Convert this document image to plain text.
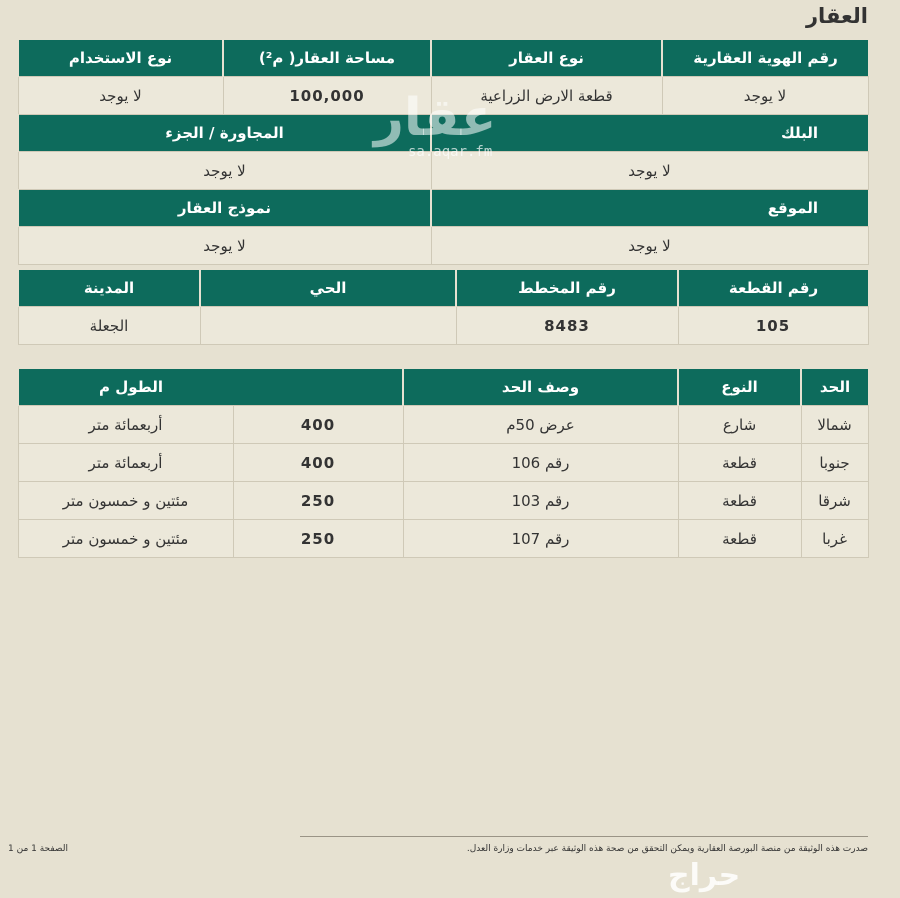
العقار
رقم الهوية العقارية	نوع العقار	مساحة العقار( م²)	نوع الاستخدام
لا يوجد	قطعة الارض الزراعية	100,000	لا يوجد
البلك		المجاورة / الجزء	
لا يوجد		لا يوجد	
الموقع		نموذج العقار	
لا يوجد		لا يوجد	
رقم القطعة	رقم المخطط	الحي	المدينة
105	8483		الجعلة
الحد	النوع	وصف الحد	الطول م	
شمالا	شارع	عرض 50م	400	أربعمائة متر
جنوبا	قطعة	رقم 106	400	أربعمائة متر
شرقا	قطعة	رقم 103	250	مئتين و خمسون متر
غربا	قطعة	رقم 107	250	مئتين و خمسون متر
عقار
sa.aqar.fm
صدرت هذه الوثيقة من منصة البورصة العقارية ويمكن التحقق من صحة هذه الوثيقة عبر خدمات وزارة العدل.
الصفحة 1 من 1
حراج
